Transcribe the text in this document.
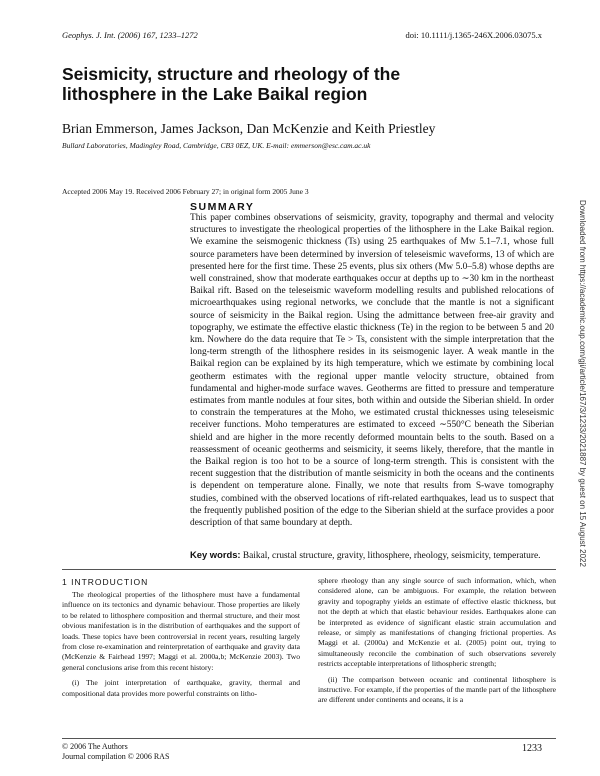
Geophys. J. Int. (2006) 167, 1233–1272	doi: 10.1111/j.1365-246X.2006.03075.x
Seismicity, structure and rheology of the lithosphere in the Lake Baikal region
Brian Emmerson, James Jackson, Dan McKenzie and Keith Priestley
Bullard Laboratories, Madingley Road, Cambridge, CB3 0EZ, UK. E-mail: emmerson@esc.cam.ac.uk
Accepted 2006 May 19. Received 2006 February 27; in original form 2005 June 3
SUMMARY

This paper combines observations of seismicity, gravity, topography and thermal and velocity structures to investigate the rheological properties of the lithosphere in the Lake Baikal region. We examine the seismogenic thickness (Ts) using 25 earthquakes of Mw 5.1–7.1, whose full source parameters have been determined by inversion of teleseismic waveforms, 13 of which are presented here for the first time. These 25 events, plus six others (Mw 5.0–5.8) whose depths are well constrained, show that moderate earthquakes occur at depths up to ∼30 km in the northeast Baikal rift. Based on the teleseismic waveform modelling results and published relocations of microearthquakes using regional networks, we conclude that the mantle is not a significant source of seismicity in the Baikal region. Using the admittance between free-air gravity and topography, we estimate the effective elastic thickness (Te) in the region to be between 5 and 20 km. Nowhere do the data require that Te > Ts, consistent with the simple interpretation that the long-term strength of the lithosphere resides in its seismogenic layer. A weak mantle in the Baikal region can be explained by its high temperature, which we estimate by combining local geotherm estimates with the regional upper mantle velocity structure, obtained from fundamental and higher-mode surface waves. Geotherms are fitted to pressure and temperature estimates from mantle nodules at four sites, both within and outside the Siberian shield. In order to constrain the temperatures at the Moho, we estimated crustal thicknesses using teleseismic receiver functions. Moho temperatures are estimated to exceed ∼550°C beneath the Siberian shield and are higher in the more recently deformed mountain belts to the south. Based on a reassessment of oceanic geotherms and seismicity, it seems likely, therefore, that the mantle in the Baikal region is too hot to be a source of long-term strength. This is consistent with the recent suggestion that the distribution of mantle seismicity in both the oceans and the continents is dependent on temperature alone. Finally, we note that results from S-wave tomography studies, combined with the observed locations of rift-related earthquakes, lead us to suspect that the frequently published position of the edge to the Siberian shield at the surface provides a poor description of that same boundary at depth.

Key words: Baikal, crustal structure, gravity, lithosphere, rheology, seismicity, temperature.
1 INTRODUCTION

The rheological properties of the lithosphere must have a fundamental influence on its tectonics and dynamic behaviour. Those properties are likely to be related to lithosphere composition and thermal structure, and their most obvious manifestation is in the distribution of earthquakes and the support of loads. These topics have been controversial in recent years, resulting largely from close re-examination and reinterpretation of earthquake and gravity data (McKenzie & Fairhead 1997; Maggi et al. 2000a,b; McKenzie 2003). Two general conclusions arise from this recent history:

(i) The joint interpretation of earthquake, gravity, thermal and compositional data provides more powerful constraints on litho-

sphere rheology than any single source of such information, which, when considered alone, can be ambiguous. For example, the relation between gravity and topography yields an estimate of effective elastic thickness, but not the depth at which that elastic behaviour resides. Earthquakes alone can be interpreted as evidence of significant elastic strain accumulation and release, or simply as manifestations of changing frictional properties. As Maggi et al. (2000a) and McKenzie et al. (2005) point out, trying to simultaneously reconcile the combination of such observations severely restricts acceptable interpretations of lithospheric strength;

(ii) The comparison between oceanic and continental lithosphere is instructive. For example, if the properties of the mantle part of the lithosphere are different under continents and oceans, it is a

© 2006 The Authors
Journal compilation © 2006 RAS
1233
Downloaded from https://academic.oup.com/gji/article/167/3/1233/2021887 by guest on 15 August 2022
